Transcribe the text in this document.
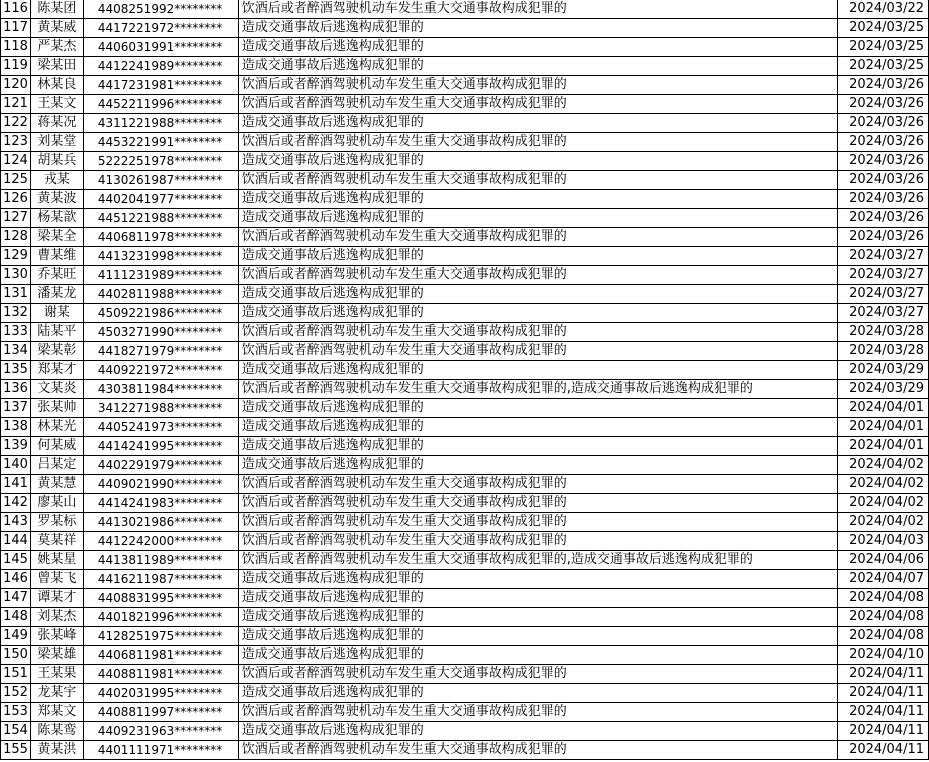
116	陈某团	4408251992********	饮酒后或者醉酒驾驶机动车发生重大交通事故构成犯罪的	2024/03/22
117	黄某威	4417221972********	造成交通事故后逃逸构成犯罪的	2024/03/25
118	严某杰	4406031991********	造成交通事故后逃逸构成犯罪的	2024/03/25
119	梁某田	4412241989********	造成交通事故后逃逸构成犯罪的	2024/03/25
120	林某良	4417231981********	饮酒后或者醉酒驾驶机动车发生重大交通事故构成犯罪的	2024/03/26
121	王某文	4452211996********	饮酒后或者醉酒驾驶机动车发生重大交通事故构成犯罪的	2024/03/26
122	蒋某况	4311221988********	造成交通事故后逃逸构成犯罪的	2024/03/26
123	刘某堂	4453221991********	饮酒后或者醉酒驾驶机动车发生重大交通事故构成犯罪的	2024/03/26
124	胡某兵	5222251978********	造成交通事故后逃逸构成犯罪的	2024/03/26
125	戎某	4130261987********	饮酒后或者醉酒驾驶机动车发生重大交通事故构成犯罪的	2024/03/26
126	黄某波	4402041977********	造成交通事故后逃逸构成犯罪的	2024/03/26
127	杨某歆	4451221988********	造成交通事故后逃逸构成犯罪的	2024/03/26
128	梁某全	4406811978********	饮酒后或者醉酒驾驶机动车发生重大交通事故构成犯罪的	2024/03/26
129	曹某维	4413231998********	造成交通事故后逃逸构成犯罪的	2024/03/27
130	乔某旺	4111231989********	饮酒后或者醉酒驾驶机动车发生重大交通事故构成犯罪的	2024/03/27
131	潘某龙	4402811988********	造成交通事故后逃逸构成犯罪的	2024/03/27
132	谢某	4509221986********	造成交通事故后逃逸构成犯罪的	2024/03/27
133	陆某平	4503271990********	饮酒后或者醉酒驾驶机动车发生重大交通事故构成犯罪的	2024/03/28
134	梁某彰	4418271979********	饮酒后或者醉酒驾驶机动车发生重大交通事故构成犯罪的	2024/03/28
135	郑某才	4409221972********	造成交通事故后逃逸构成犯罪的	2024/03/29
136	文某炎	4303811984********	饮酒后或者醉酒驾驶机动车发生重大交通事故构成犯罪的,造成交通事故后逃逸构成犯罪的	2024/03/29
137	张某帅	3412271988********	造成交通事故后逃逸构成犯罪的	2024/04/01
138	林某光	4405241973********	造成交通事故后逃逸构成犯罪的	2024/04/01
139	何某威	4414241995********	造成交通事故后逃逸构成犯罪的	2024/04/01
140	吕某定	4402291979********	造成交通事故后逃逸构成犯罪的	2024/04/02
141	黄某慧	4409021990********	饮酒后或者醉酒驾驶机动车发生重大交通事故构成犯罪的	2024/04/02
142	廖某山	4414241983********	饮酒后或者醉酒驾驶机动车发生重大交通事故构成犯罪的	2024/04/02
143	罗某标	4413021986********	饮酒后或者醉酒驾驶机动车发生重大交通事故构成犯罪的	2024/04/02
144	莫某祥	4412242000********	饮酒后或者醉酒驾驶机动车发生重大交通事故构成犯罪的	2024/04/03
145	姚某星	4413811989********	饮酒后或者醉酒驾驶机动车发生重大交通事故构成犯罪的,造成交通事故后逃逸构成犯罪的	2024/04/06
146	曾某飞	4416211987********	造成交通事故后逃逸构成犯罪的	2024/04/07
147	谭某才	4408831995********	造成交通事故后逃逸构成犯罪的	2024/04/08
148	刘某杰	4401821996********	造成交通事故后逃逸构成犯罪的	2024/04/08
149	张某峰	4128251975********	造成交通事故后逃逸构成犯罪的	2024/04/08
150	梁某雄	4406811981********	造成交通事故后逃逸构成犯罪的	2024/04/10
151	王某果	4408811981********	饮酒后或者醉酒驾驶机动车发生重大交通事故构成犯罪的	2024/04/11
152	龙某宇	4402031995********	造成交通事故后逃逸构成犯罪的	2024/04/11
153	郑某文	4408811997********	饮酒后或者醉酒驾驶机动车发生重大交通事故构成犯罪的	2024/04/11
154	陈某鸾	4409231963********	造成交通事故后逃逸构成犯罪的	2024/04/11
155	黄某洪	4401111971********	饮酒后或者醉酒驾驶机动车发生重大交通事故构成犯罪的	2024/04/11
